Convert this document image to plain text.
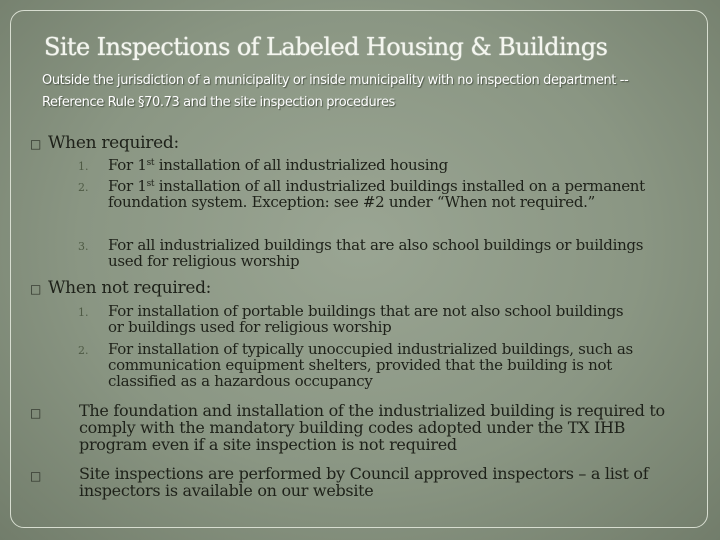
Site Inspections of Labeled Housing & Buildings
Outside the jurisdiction of a municipality or inside municipality with no inspection department -- Reference Rule §70.73 and the site inspection procedures
□ When required:
1. For 1st installation of all industrialized housing
2. For 1st installation of all industrialized buildings installed on a permanent foundation system. Exception: see #2 under “When not required.”
3. For all industrialized buildings that are also school buildings or buildings used for religious worship
□ When not required:
1. For installation of portable buildings that are not also school buildings or buildings used for religious worship
2. For installation of typically unoccupied industrialized buildings, such as communication equipment shelters, provided that the building is not classified as a hazardous occupancy
□ The foundation and installation of the industrialized building is required to comply with the mandatory building codes adopted under the TX IHB program even if a site inspection is not required
□ Site inspections are performed by Council approved inspectors – a list of inspectors is available on our website
